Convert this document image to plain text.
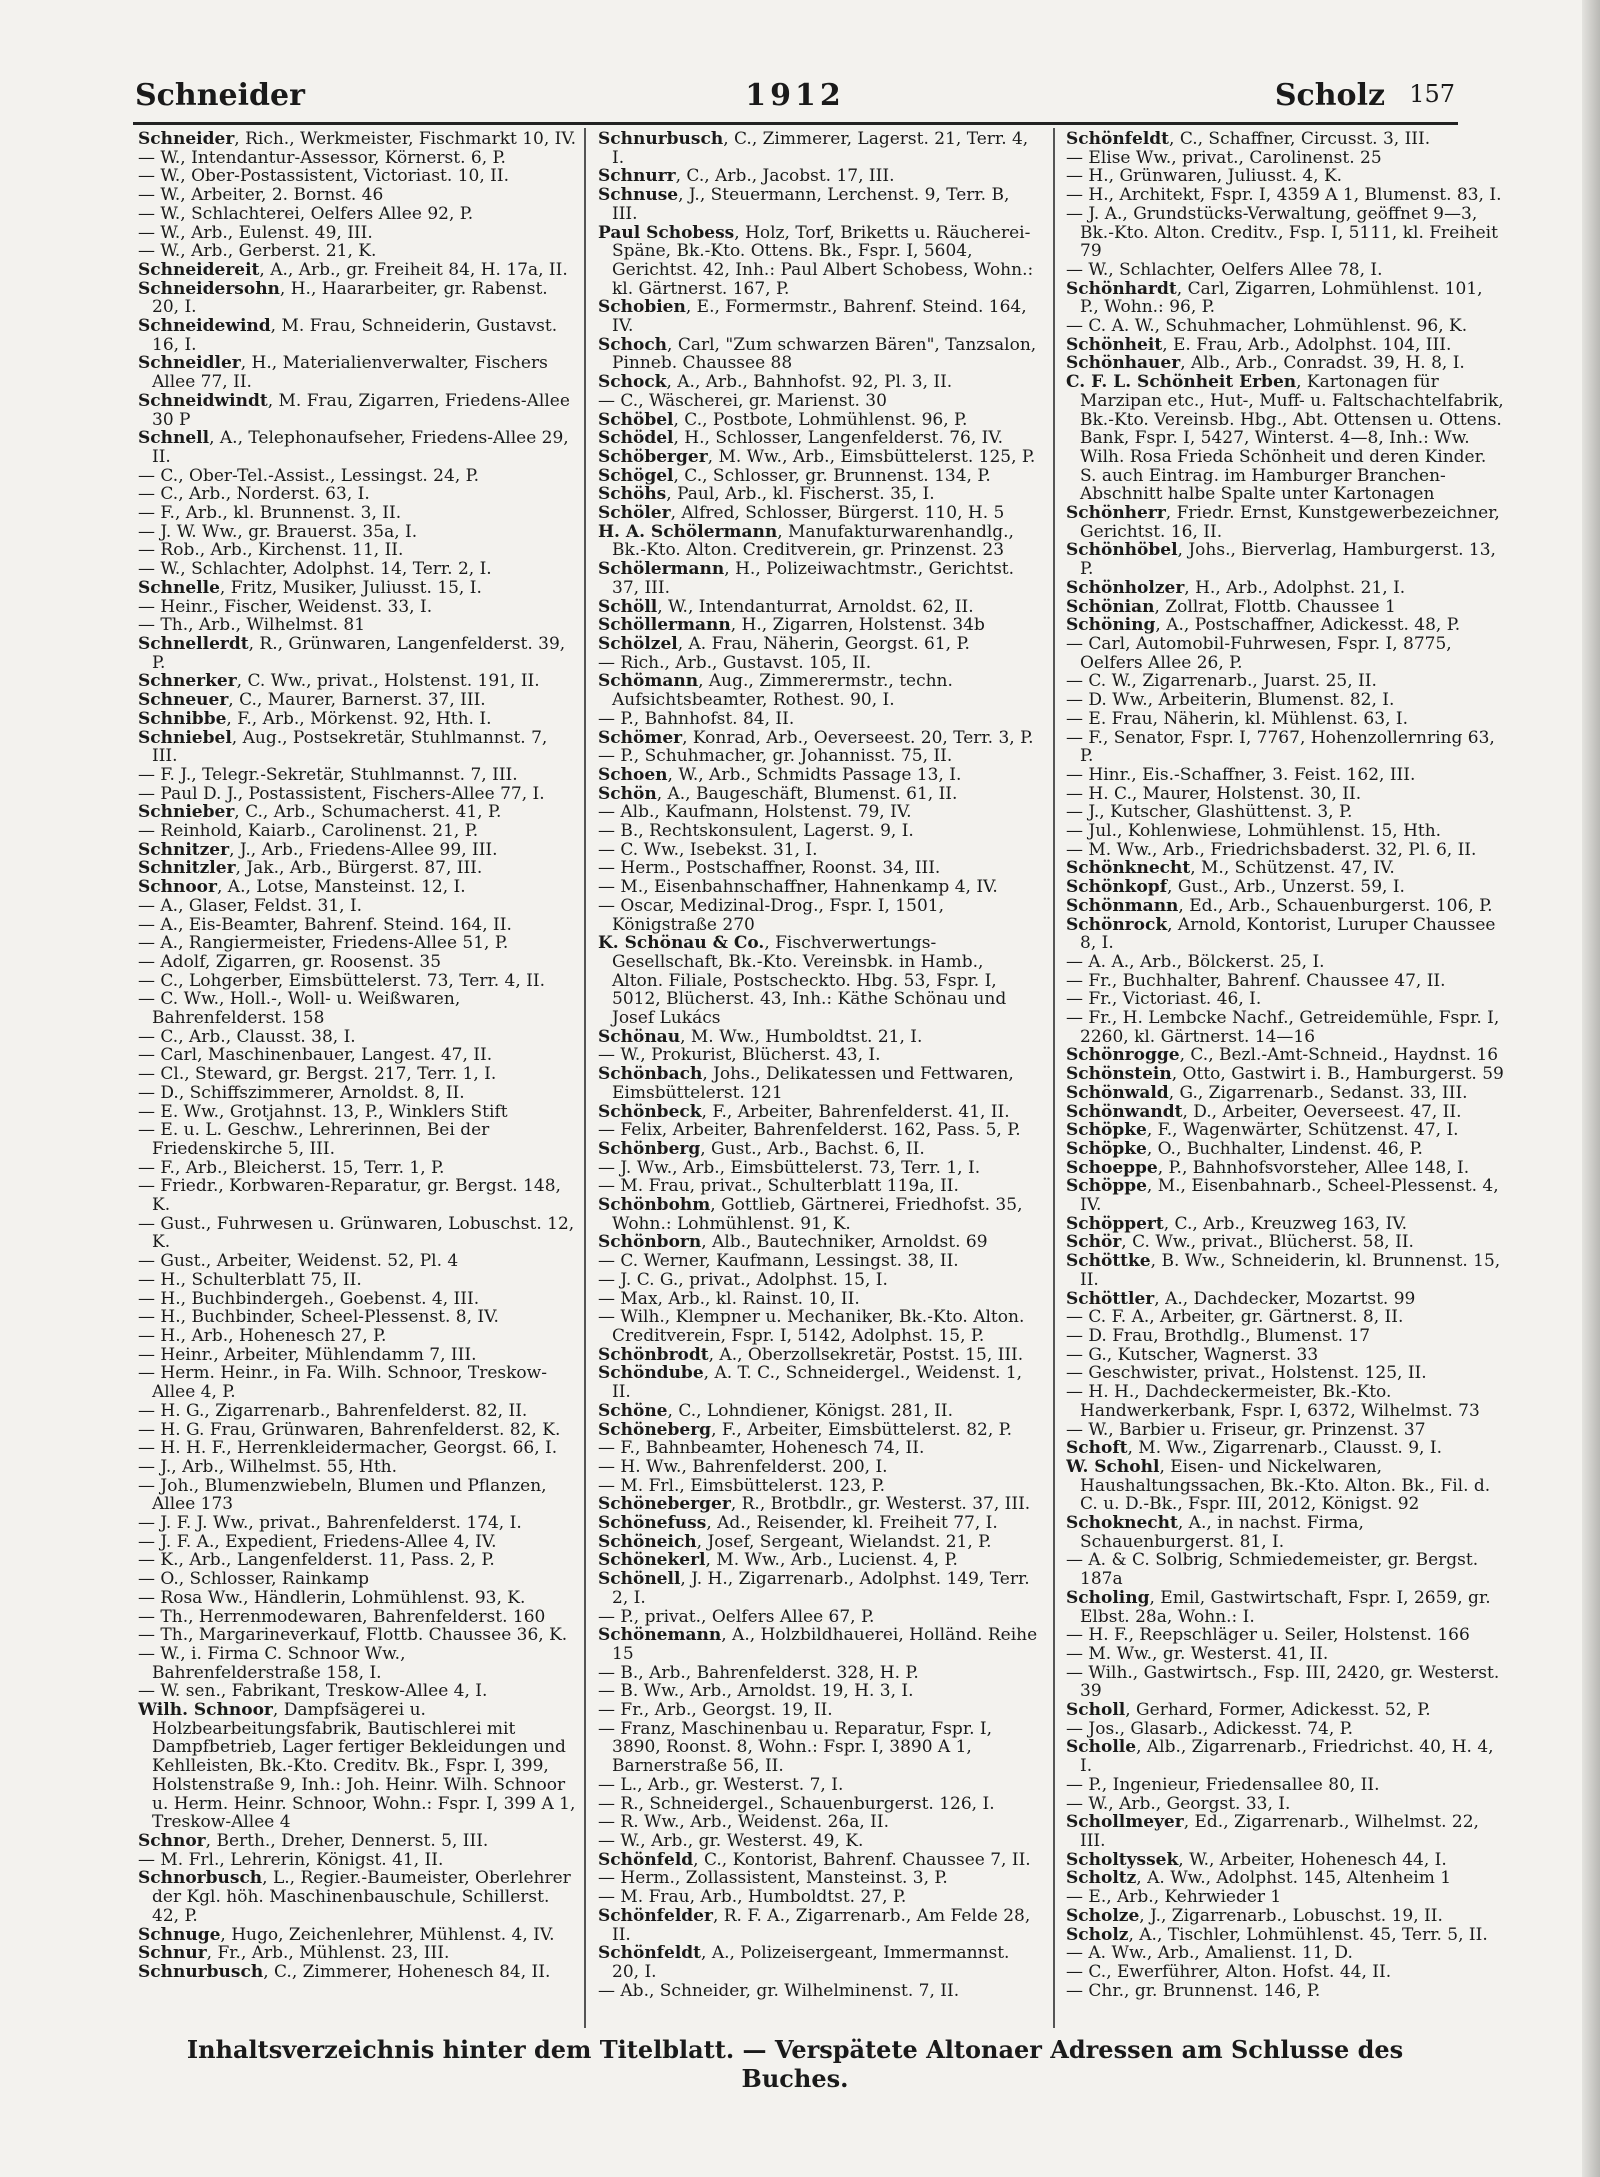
Schneider	1912	Scholz 157
Schneider, Rich., Werkmeister, Fischmarkt 10, IV.
— W., Intendantur-Assessor, Körnerst. 6, P.
— W., Ober-Postassistent, Victoriast. 10, II.
— W., Arbeiter, 2. Bornst. 46
— W., Schlachterei, Oelfers Allee 92, P.
— W., Arb., Eulenst. 49, III.
— W., Arb., Gerberst. 21, K.
Schneidereit, A., Arb., gr. Freiheit 84, H. 17a, II.
Schneidersohn, H., Haararbeiter, gr. Rabenst. 20, I.
Schneidewind, M. Frau, Schneiderin, Gustavst. 16, I.
Schneidler, H., Materialienverwalter, Fischers Allee 77, II.
Schneidwindt, M. Frau, Zigarren, Friedens-Allee 30 P
Schnell, A., Telephonaufseher, Friedens-Allee 29, II.
— C., Ober-Tel.-Assist., Lessingst. 24, P.
— C., Arb., Norderst. 63, I.
— F., Arb., kl. Brunnenst. 3, II.
— J. W. Ww., gr. Brauerst. 35a, I.
— Rob., Arb., Kirchenst. 11, II.
— W., Schlachter, Adolphst. 14, Terr. 2, I.
Schnelle, Fritz, Musiker, Juliusst. 15, I.
— Heinr., Fischer, Weidenst. 33, I.
— Th., Arb., Wilhelmst. 81
Schnellerdt, R., Grünwaren, Langenfelderst. 39, P.
Schnerker, C. Ww., privat., Holstenst. 191, II.
Schneuer, C., Maurer, Barnerst. 37, III.
Schnibbe, F., Arb., Mörkenst. 92, Hth. I.
Schniebel, Aug., Postsekretär, Stuhlmannst. 7, III.
— F. J., Telegr.-Sekretär, Stuhlmannst. 7, III.
— Paul D. J., Postassistent, Fischers-Allee 77, I.
Schnieber, C., Arb., Schumacherst. 41, P.
— Reinhold, Kaiarb., Carolinenst. 21, P.
Schnitzer, J., Arb., Friedens-Allee 99, III.
Schnitzler, Jak., Arb., Bürgerst. 87, III.
Schnoor, A., Lotse, Mansteinst. 12, I.
— A., Glaser, Feldst. 31, I.
— A., Eis-Beamter, Bahrenf. Steind. 164, II.
— A., Rangiermeister, Friedens-Allee 51, P.
— Adolf, Zigarren, gr. Roosenst. 35
— C., Lohgerber, Eimsbüttelerst. 73, Terr. 4, II.
— C. Ww., Holl.-, Woll- u. Weißwaren, Bahrenfelderst. 158
— C., Arb., Clausst. 38, I.
— Carl, Maschinenbauer, Langest. 47, II.
— Cl., Steward, gr. Bergst. 217, Terr. 1, I.
— D., Schiffszimmerer, Arnoldst. 8, II.
— E. Ww., Grotjahnst. 13, P., Winklers Stift
— E. u. L. Geschw., Lehrerinnen, Bei der Friedenskirche 5, III.
— F., Arb., Bleicherst. 15, Terr. 1, P.
— Friedr., Korbwaren-Reparatur, gr. Bergst. 148, K.
— Gust., Fuhrwesen u. Grünwaren, Lobuschst. 12, K.
— Gust., Arbeiter, Weidenst. 52, Pl. 4
— H., Schulterblatt 75, II.
— H., Buchbindergeh., Goebenst. 4, III.
— H., Buchbinder, Scheel-Plessenst. 8, IV.
— H., Arb., Hohenesch 27, P.
— Heinr., Arbeiter, Mühlendamm 7, III.
— Herm. Heinr., in Fa. Wilh. Schnoor, Treskow-Allee 4, P.
— H. G., Zigarrenarb., Bahrenfelderst. 82, II.
— H. G. Frau, Grünwaren, Bahrenfelderst. 82, K.
— H. H. F., Herrenkleidermacher, Georgst. 66, I.
— J., Arb., Wilhelmst. 55, Hth.
— Joh., Blumenzwiebeln, Blumen und Pflanzen, Allee 173
— J. F. J. Ww., privat., Bahrenfelderst. 174, I.
— J. F. A., Expedient, Friedens-Allee 4, IV.
— K., Arb., Langenfelderst. 11, Pass. 2, P.
— O., Schlosser, Rainkamp
— Rosa Ww., Händlerin, Lohmühlenst. 93, K.
— Th., Herrenmodewaren, Bahrenfelderst. 160
— Th., Margarineverkauf, Flottb. Chaussee 36, K.
— W., i. Firma C. Schnoor Ww., Bahrenfelderstraße 158, I.
— W. sen., Fabrikant, Treskow-Allee 4, I.
Wilh. Schnoor, Dampfsägerei u. Holzbearbeitungsfabrik, Bautischlerei mit Dampfbetrieb, Lager fertiger Bekleidungen und Kehlleisten, Bk.-Kto. Creditv. Bk., Fspr. I, 399, Holstenstraße 9, Inh.: Joh. Heinr. Wilh. Schnoor u. Herm. Heinr. Schnoor, Wohn.: Fspr. I, 399 A 1, Treskow-Allee 4
Schnor, Berth., Dreher, Dennerst. 5, III.
— M. Frl., Lehrerin, Königst. 41, II.
Schnorbusch, L., Regier.-Baumeister, Oberlehrer der Kgl. höh. Maschinenbauschule, Schillerst. 42, P.
Schnuge, Hugo, Zeichenlehrer, Mühlenst. 4, IV.
Schnur, Fr., Arb., Mühlenst. 23, III.
Schnurbusch, C., Zimmerer, Hohenesch 84, II.
Schnurbusch, C., Zimmerer, Lagerst. 21, Terr. 4, I.
Schnurr, C., Arb., Jacobst. 17, III.
Schnuse, J., Steuermann, Lerchenst. 9, Terr. B, III.
Paul Schobess, Holz, Torf, Briketts u. Räucherei-Späne, Bk.-Kto. Ottens. Bk., Fspr. I, 5604, Gerichtst. 42, Inh.: Paul Albert Schobess, Wohn.: kl. Gärtnerst. 167, P.
Schobien, E., Formermstr., Bahrenf. Steind. 164, IV.
Schoch, Carl, "Zum schwarzen Bären", Tanzsalon, Pinneb. Chaussee 88
Schock, A., Arb., Bahnhofst. 92, Pl. 3, II.
— C., Wäscherei, gr. Marienst. 30
Schöbel, C., Postbote, Lohmühlenst. 96, P.
Schödel, H., Schlosser, Langenfelderst. 76, IV.
Schöberger, M. Ww., Arb., Eimsbüttelerst. 125, P.
Schögel, C., Schlosser, gr. Brunnenst. 134, P.
Schöhs, Paul, Arb., kl. Fischerst. 35, I.
Schöler, Alfred, Schlosser, Bürgerst. 110, H. 5
H. A. Schölermann, Manufakturwarenhandlg., Bk.-Kto. Alton. Creditverein, gr. Prinzenst. 23
Schölermann, H., Polizeiwachtmstr., Gerichtst. 37, III.
Schöll, W., Intendanturrat, Arnoldst. 62, II.
Schöllermann, H., Zigarren, Holstenst. 34b
Schölzel, A. Frau, Näherin, Georgst. 61, P.
— Rich., Arb., Gustavst. 105, II.
Schömann, Aug., Zimmerermstr., techn. Aufsichtsbeamter, Rothest. 90, I.
— P., Bahnhofst. 84, II.
Schömer, Konrad, Arb., Oeverseest. 20, Terr. 3, P.
— P., Schuhmacher, gr. Johannisst. 75, II.
Schoen, W., Arb., Schmidts Passage 13, I.
Schön, A., Baugeschäft, Blumenst. 61, II.
— Alb., Kaufmann, Holstenst. 79, IV.
— B., Rechtskonsulent, Lagerst. 9, I.
— C. Ww., Isebekst. 31, I.
— Herm., Postschaffner, Roonst. 34, III.
— M., Eisenbahnschaffner, Hahnenkamp 4, IV.
— Oscar, Medizinal-Drog., Fspr. I, 1501, Königstraße 270
K. Schönau & Co., Fischverwertungs-Gesellschaft, Bk.-Kto. Vereinsbk. in Hamb., Alton. Filiale, Postscheckto. Hbg. 53, Fspr. I, 5012, Blücherst. 43, Inh.: Käthe Schönau und Josef Lukács
Schönau, M. Ww., Humboldtst. 21, I.
— W., Prokurist, Blücherst. 43, I.
Schönbach, Johs., Delikatessen und Fettwaren, Eimsbüttelerst. 121
Schönbeck, F., Arbeiter, Bahrenfelderst. 41, II.
— Felix, Arbeiter, Bahrenfelderst. 162, Pass. 5, P.
Schönberg, Gust., Arb., Bachst. 6, II.
— J. Ww., Arb., Eimsbüttelerst. 73, Terr. 1, I.
— M. Frau, privat., Schulterblatt 119a, II.
Schönbohm, Gottlieb, Gärtnerei, Friedhofst. 35, Wohn.: Lohmühlenst. 91, K.
Schönborn, Alb., Bautechniker, Arnoldst. 69
— C. Werner, Kaufmann, Lessingst. 38, II.
— J. C. G., privat., Adolphst. 15, I.
— Max, Arb., kl. Rainst. 10, II.
— Wilh., Klempner u. Mechaniker, Bk.-Kto. Alton. Creditverein, Fspr. I, 5142, Adolphst. 15, P.
Schönbrodt, A., Oberzollsekretär, Postst. 15, III.
Schöndube, A. T. C., Schneidergel., Weidenst. 1, II.
Schöne, C., Lohndiener, Königst. 281, II.
Schöneberg, F., Arbeiter, Eimsbüttelerst. 82, P.
— F., Bahnbeamter, Hohenesch 74, II.
— H. Ww., Bahrenfelderst. 200, I.
— M. Frl., Eimsbüttelerst. 123, P.
Schöneberger, R., Brotbdlr., gr. Westerst. 37, III.
Schönefuss, Ad., Reisender, kl. Freiheit 77, I.
Schöneich, Josef, Sergeant, Wielandst. 21, P.
Schönekerl, M. Ww., Arb., Lucienst. 4, P.
Schönell, J. H., Zigarrenarb., Adolphst. 149, Terr. 2, I.
— P., privat., Oelfers Allee 67, P.
Schönemann, A., Holzbildhauerei, Holländ. Reihe 15
— B., Arb., Bahrenfelderst. 328, H. P.
— B. Ww., Arb., Arnoldst. 19, H. 3, I.
— Fr., Arb., Georgst. 19, II.
— Franz, Maschinenbau u. Reparatur, Fspr. I, 3890, Roonst. 8, Wohn.: Fspr. I, 3890 A 1, Barnerstraße 56, II.
— L., Arb., gr. Westerst. 7, I.
— R., Schneidergel., Schauenburgerst. 126, I.
— R. Ww., Arb., Weidenst. 26a, II.
— W., Arb., gr. Westerst. 49, K.
Schönfeld, C., Kontorist, Bahrenf. Chaussee 7, II.
— Herm., Zollassistent, Mansteinst. 3, P.
— M. Frau, Arb., Humboldtst. 27, P.
Schönfelder, R. F. A., Zigarrenarb., Am Felde 28, II.
Schönfeldt, A., Polizeisergeant, Immermannst. 20, I.
— Ab., Schneider, gr. Wilhelminenst. 7, II.
Schönfeldt, C., Schaffner, Circusst. 3, III.
— Elise Ww., privat., Carolinenst. 25
— H., Grünwaren, Juliusst. 4, K.
— H., Architekt, Fspr. I, 4359 A 1, Blumenst. 83, I.
— J. A., Grundstücks-Verwaltung, geöffnet 9—3, Bk.-Kto. Alton. Creditv., Fsp. I, 5111, kl. Freiheit 79
— W., Schlachter, Oelfers Allee 78, I.
Schönhardt, Carl, Zigarren, Lohmühlenst. 101, P., Wohn.: 96, P.
— C. A. W., Schuhmacher, Lohmühlenst. 96, K.
Schönheit, E. Frau, Arb., Adolphst. 104, III.
Schönhauer, Alb., Arb., Conradst. 39, H. 8, I.
C. F. L. Schönheit Erben, Kartonagen für Marzipan etc., Hut-, Muff- u. Faltschachtelfabrik, Bk.-Kto. Vereinsb. Hbg., Abt. Ottensen u. Ottens. Bank, Fspr. I, 5427, Winterst. 4—8, Inh.: Ww. Wilh. Rosa Frieda Schönheit und deren Kinder. S. auch Eintrag. im Hamburger Branchen-Abschnitt halbe Spalte unter Kartonagen
Schönherr, Friedr. Ernst, Kunstgewerbezeichner, Gerichtst. 16, II.
Schönhöbel, Johs., Bierverlag, Hamburgerst. 13, P.
Schönholzer, H., Arb., Adolphst. 21, I.
Schönian, Zollrat, Flottb. Chaussee 1
Schöning, A., Postschaffner, Adickesst. 48, P.
— Carl, Automobil-Fuhrwesen, Fspr. I, 8775, Oelfers Allee 26, P.
— C. W., Zigarrenarb., Juarst. 25, II.
— D. Ww., Arbeiterin, Blumenst. 82, I.
— E. Frau, Näherin, kl. Mühlenst. 63, I.
— F., Senator, Fspr. I, 7767, Hohenzollernring 63, P.
— Hinr., Eis.-Schaffner, 3. Feist. 162, III.
— H. C., Maurer, Holstenst. 30, II.
— J., Kutscher, Glashüttenst. 3, P.
— Jul., Kohlenwiese, Lohmühlenst. 15, Hth.
— M. Ww., Arb., Friedrichsbaderst. 32, Pl. 6, II.
Schönknecht, M., Schützenst. 47, IV.
Schönkopf, Gust., Arb., Unzerst. 59, I.
Schönmann, Ed., Arb., Schauenburgerst. 106, P.
Schönrock, Arnold, Kontorist, Luruper Chaussee 8, I.
— A. A., Arb., Bölckerst. 25, I.
— Fr., Buchhalter, Bahrenf. Chaussee 47, II.
— Fr., Victoriast. 46, I.
— Fr., H. Lembcke Nachf., Getreidemühle, Fspr. I, 2260, kl. Gärtnerst. 14—16
Schönrogge, C., Bezl.-Amt-Schneid., Haydnst. 16
Schönstein, Otto, Gastwirt i. B., Hamburgerst. 59
Schönwald, G., Zigarrenarb., Sedanst. 33, III.
Schönwandt, D., Arbeiter, Oeverseest. 47, II.
Schöpke, F., Wagenwärter, Schützenst. 47, I.
Schöpke, O., Buchhalter, Lindenst. 46, P.
Schoeppe, P., Bahnhofsvorsteher, Allee 148, I.
Schöppe, M., Eisenbahnarb., Scheel-Plessenst. 4, IV.
Schöppert, C., Arb., Kreuzweg 163, IV.
Schör, C. Ww., privat., Blücherst. 58, II.
Schöttke, B. Ww., Schneiderin, kl. Brunnenst. 15, II.
Schöttler, A., Dachdecker, Mozartst. 99
— C. F. A., Arbeiter, gr. Gärtnerst. 8, II.
— D. Frau, Brothdlg., Blumenst. 17
— G., Kutscher, Wagnerst. 33
— Geschwister, privat., Holstenst. 125, II.
— H. H., Dachdeckermeister, Bk.-Kto. Handwerkerbank, Fspr. I, 6372, Wilhelmst. 73
— W., Barbier u. Friseur, gr. Prinzenst. 37
Schoft, M. Ww., Zigarrenarb., Clausst. 9, I.
W. Schohl, Eisen- und Nickelwaren, Haushaltungssachen, Bk.-Kto. Alton. Bk., Fil. d. C. u. D.-Bk., Fspr. III, 2012, Königst. 92
Schoknecht, A., in nachst. Firma, Schauenburgerst. 81, I.
— A. & C. Solbrig, Schmiedemeister, gr. Bergst. 187a
Scholing, Emil, Gastwirtschaft, Fspr. I, 2659, gr. Elbst. 28a, Wohn.: I.
— H. F., Reepschläger u. Seiler, Holstenst. 166
— M. Ww., gr. Westerst. 41, II.
— Wilh., Gastwirtsch., Fsp. III, 2420, gr. Westerst. 39
Scholl, Gerhard, Former, Adickesst. 52, P.
— Jos., Glasarb., Adickesst. 74, P.
Scholle, Alb., Zigarrenarb., Friedrichst. 40, H. 4, I.
— P., Ingenieur, Friedensallee 80, II.
— W., Arb., Georgst. 33, I.
Schollmeyer, Ed., Zigarrenarb., Wilhelmst. 22, III.
Scholtyssek, W., Arbeiter, Hohenesch 44, I.
Scholtz, A. Ww., Adolphst. 145, Altenheim 1
— E., Arb., Kehrwieder 1
Scholze, J., Zigarrenarb., Lobuschst. 19, II.
Scholz, A., Tischler, Lohmühlenst. 45, Terr. 5, II.
— A. Ww., Arb., Amalienst. 11, D.
— C., Ewerführer, Alton. Hofst. 44, II.
— Chr., gr. Brunnenst. 146, P.
Inhaltsverzeichnis hinter dem Titelblatt. — Verspätete Altonaer Adressen am Schlusse des Buches.
